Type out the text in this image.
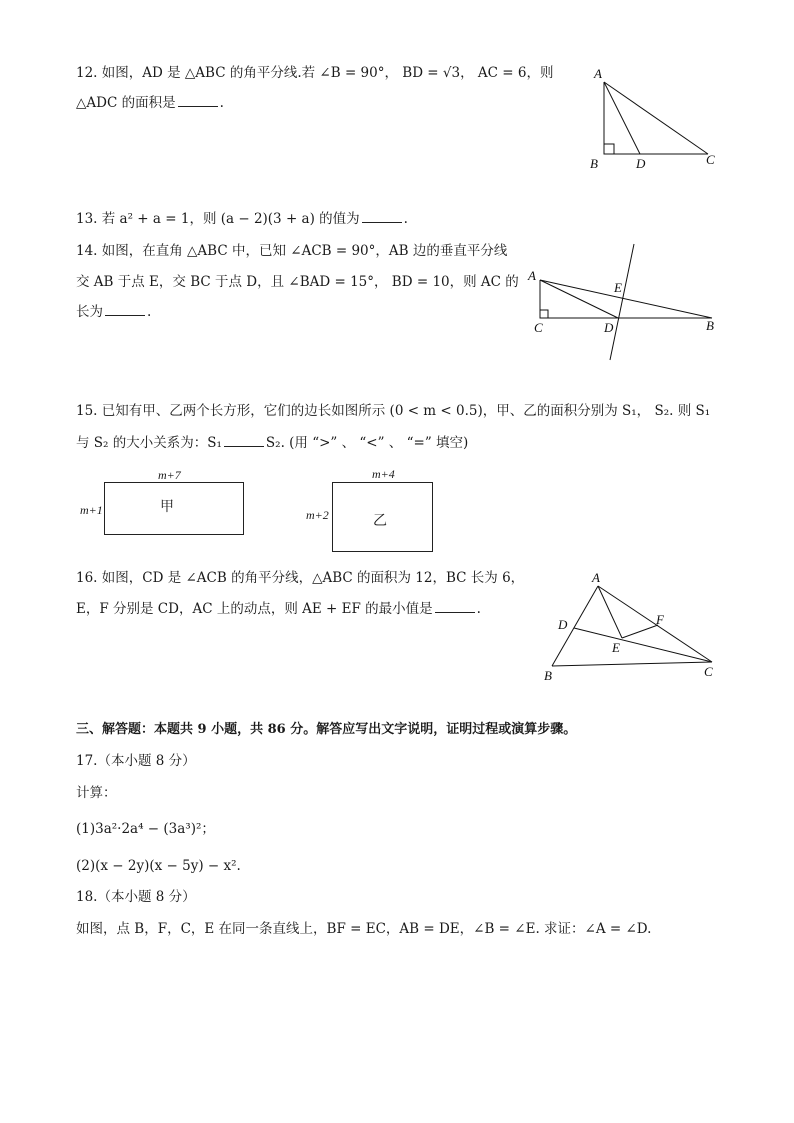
12. 如图，AD 是 △ABC 的角平分线.若 ∠B = 90°， BD = √3， AC = 6，则
△ADC 的面积是	.
A
B	D	C
13. 若 a² + a = 1，则 (a − 2)(3 + a) 的值为	.
14. 如图，在直角 △ABC 中，已知 ∠ACB = 90°，AB 边的垂直平分线
交 AB 于点 E，交 BC 于点 D，且 ∠BAD = 15°， BD = 10，则 AC 的
长为	.
A
C	D
E
B
15. 已知有甲、乙两个长方形，它们的边长如图所示 (0 < m < 0.5)，甲、乙的面积分别为 S₁， S₂. 则 S₁
与 S₂ 的大小关系为：S₁	S₂. (用 “>” 、 “<” 、 “=” 填空)
m+7
m+1	甲
m+4
m+2	乙
16. 如图，CD 是 ∠ACB 的角平分线，△ABC 的面积为 12，BC 长为 6，
E，F 分别是 CD，AC 上的动点，则 AE + EF 的最小值是	.
A
D	F
E
B	C
三、解答题：本题共 9 小题，共 86 分。解答应写出文字说明，证明过程或演算步骤。
17.（本小题 8 分）
计算：
(1)3a²·2a⁴ − (3a³)²；
(2)(x − 2y)(x − 5y) − x².
18.（本小题 8 分）
如图，点 B，F，C，E 在同一条直线上，BF = EC，AB = DE，∠B = ∠E. 求证：∠A = ∠D.
